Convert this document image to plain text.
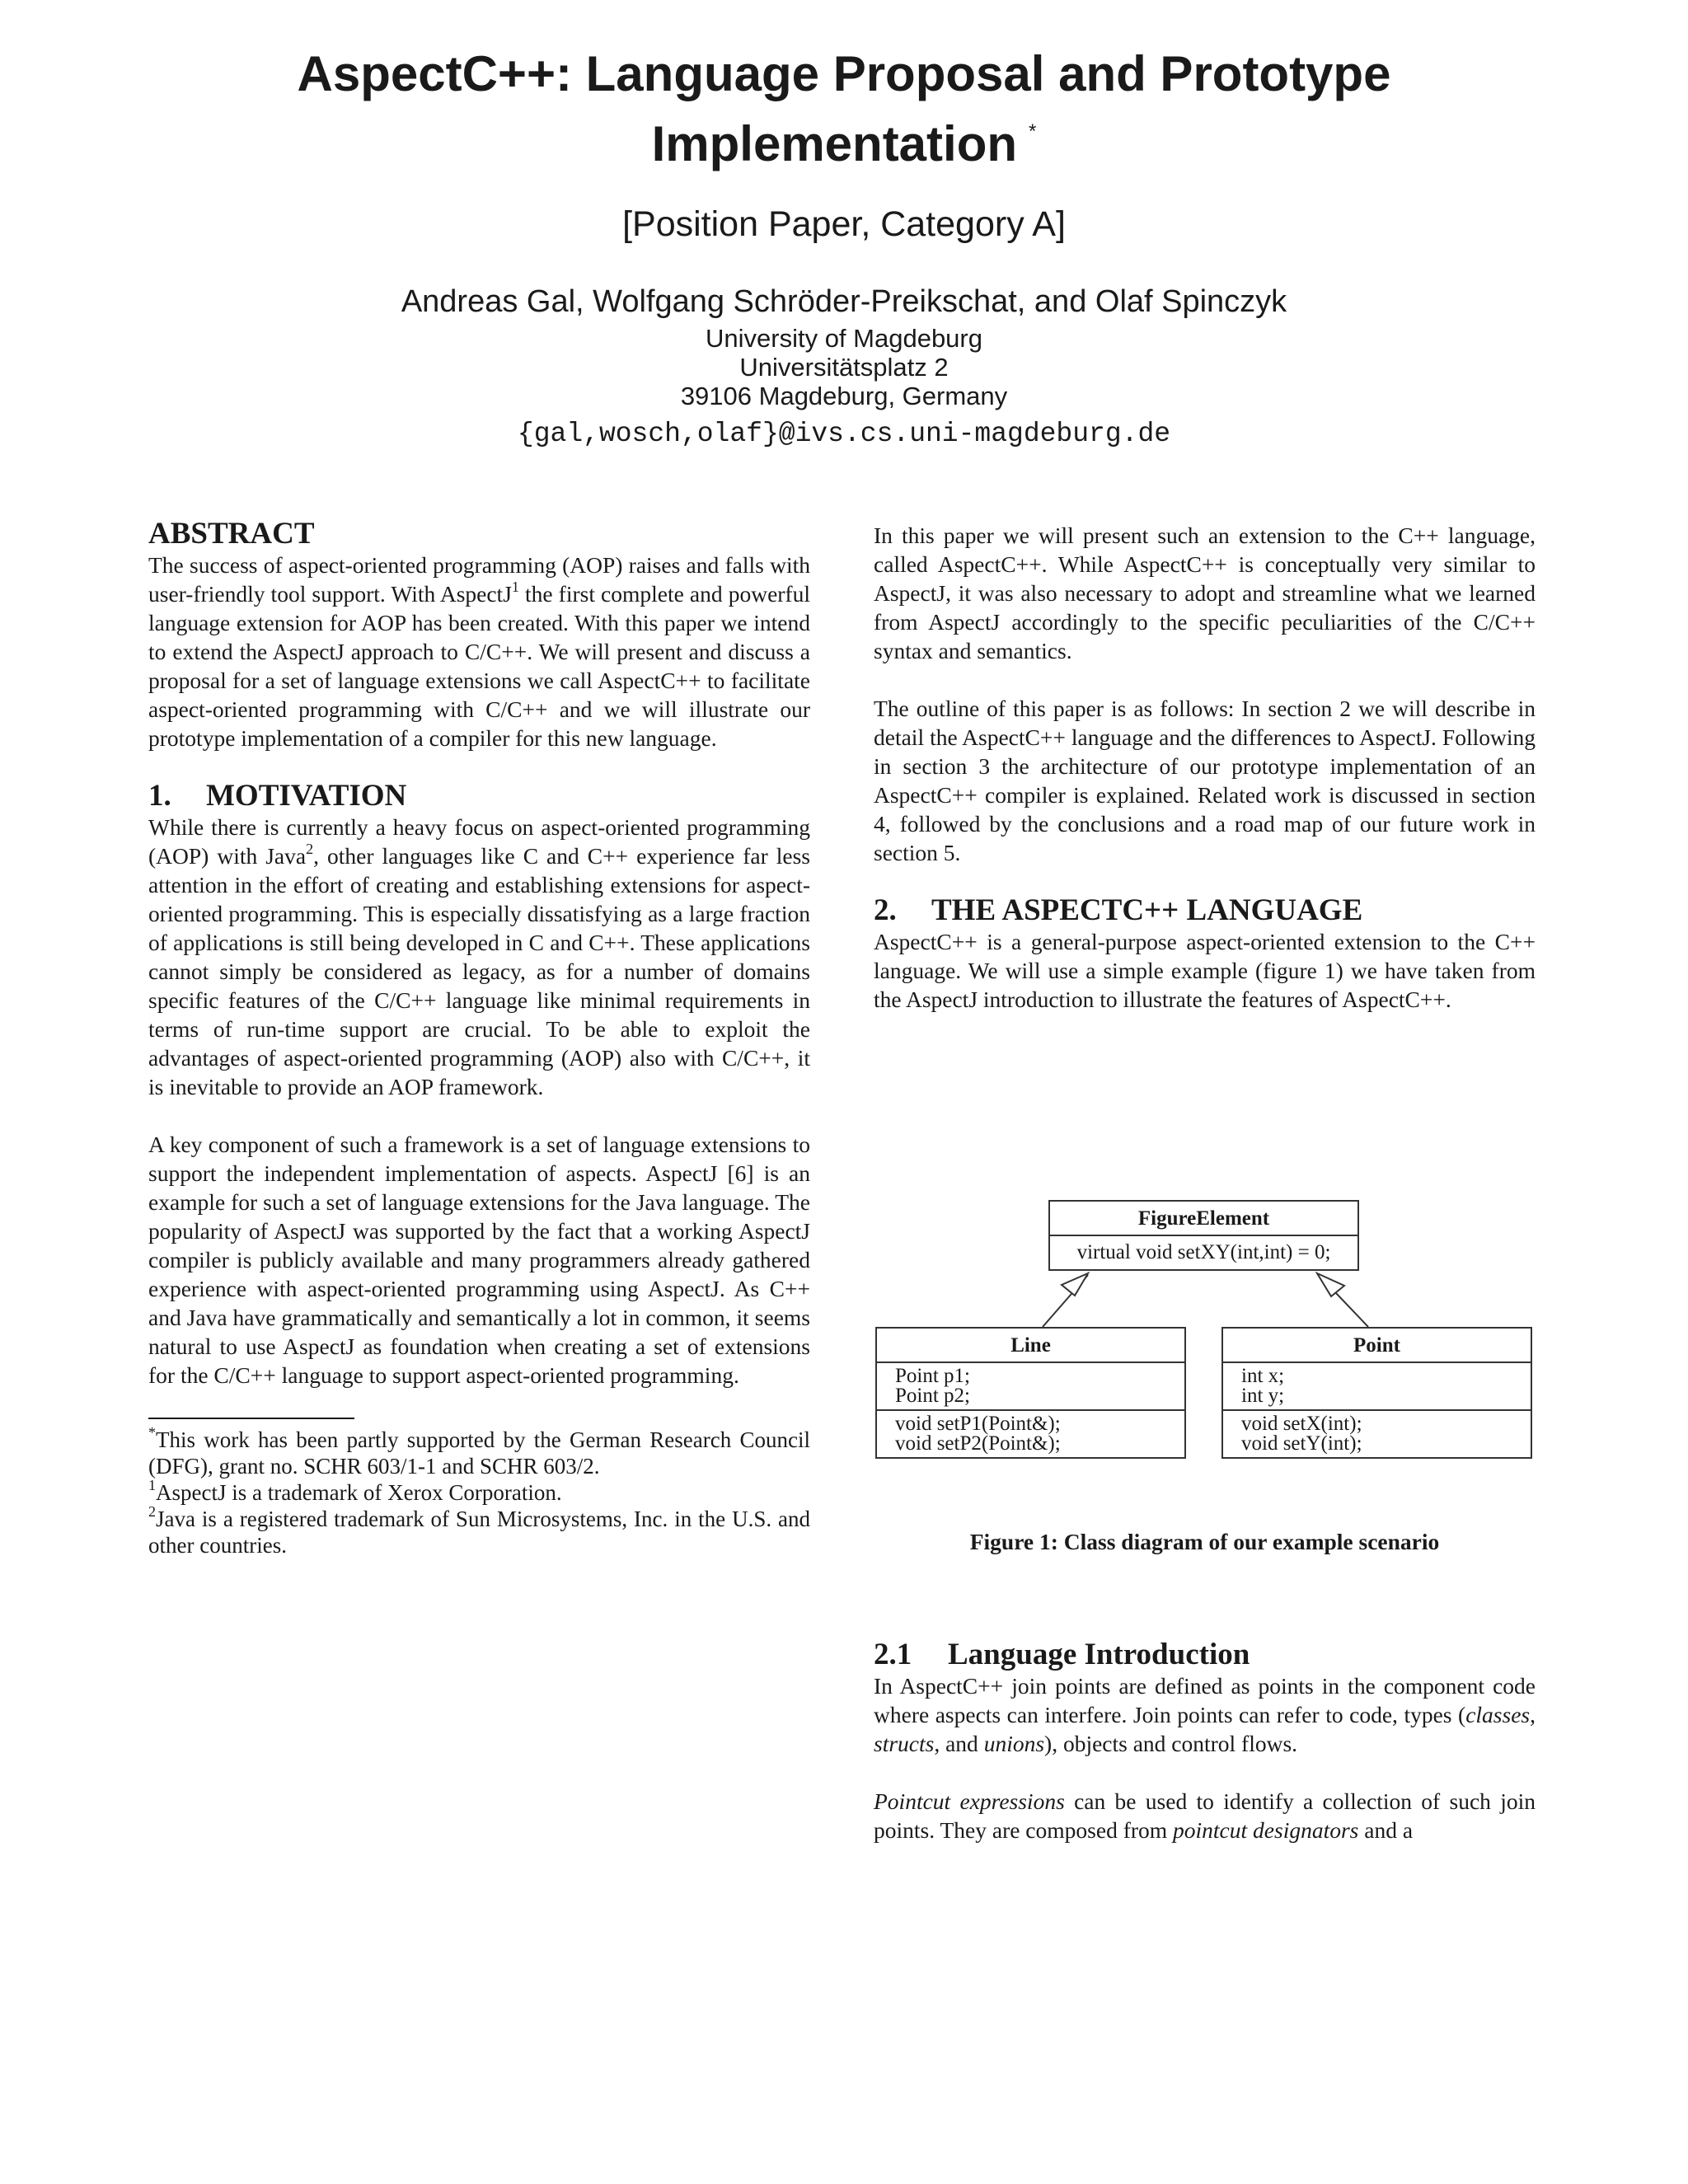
AspectC++: Language Proposal and Prototype
Implementation *
[Position Paper, Category A]
Andreas Gal, Wolfgang Schröder-Preikschat, and Olaf Spinczyk
University of Magdeburg
Universitätsplatz 2
39106 Magdeburg, Germany
{gal,wosch,olaf}@ivs.cs.uni-magdeburg.de
ABSTRACT

The success of aspect-oriented programming (AOP) raises and falls with user-friendly tool support. With AspectJ$^1$ the first complete and powerful language extension for AOP has been created. With this paper we intend to extend the AspectJ approach to C/C++. We will present and discuss a proposal for a set of language extensions we call AspectC++ to facilitate aspect-oriented programming with C/C++ and we will illustrate our prototype implementation of a compiler for this new language.

1. MOTIVATION

While there is currently a heavy focus on aspect-oriented programming (AOP) with Java$^2$, other languages like C and C++ experience far less attention in the effort of creating and establishing extensions for aspect-oriented programming. This is especially dissatisfying as a large fraction of applications is still being developed in C and C++. These applications cannot simply be considered as legacy, as for a number of domains specific features of the C/C++ language like minimal requirements in terms of run-time support are crucial. To be able to exploit the advantages of aspect-oriented programming (AOP) also with C/C++, it is inevitable to provide an AOP framework.

A key component of such a framework is a set of language extensions to support the independent implementation of aspects. AspectJ [6] is an example for such a set of language extensions for the Java language. The popularity of AspectJ was supported by the fact that a working AspectJ compiler is publicly available and many programmers already gathered experience with aspect-oriented programming using AspectJ. As C++ and Java have grammatically and semantically a lot in common, it seems natural to use AspectJ as foundation when creating a set of extensions for the C/C++ language to support aspect-oriented programming.

*This work has been partly supported by the German Research Council (DFG), grant no. SCHR 603/1-1 and SCHR 603/2.

$^1$AspectJ is a trademark of Xerox Corporation.

$^2$Java is a registered trademark of Sun Microsystems, Inc. in the U.S. and other countries.

In this paper we will present such an extension to the C++ language, called AspectC++. While AspectC++ is conceptually very similar to AspectJ, it was also necessary to adopt and streamline what we learned from AspectJ accordingly to the specific peculiarities of the C/C++ syntax and semantics.

The outline of this paper is as follows: In section 2 we will describe in detail the AspectC++ language and the differences to AspectJ. Following in section 3 the architecture of our prototype implementation of an AspectC++ compiler is explained. Related work is discussed in section 4, followed by the conclusions and a road map of our future work in section 5.

2. THE ASPECTC++ LANGUAGE

AspectC++ is a general-purpose aspect-oriented extension to the C++ language. We will use a simple example (figure 1) we have taken from the AspectJ introduction to illustrate the features of AspectC++.

FigureElement
virtual void setXY(int,int) = 0;
Line
Point p1;
Point p2;
void setP1(Point&);
void setP2(Point&);
Point
int x;
int y;
void setX(int);
void setY(int);
Figure 1: Class diagram of our example scenario
2.1 Language Introduction

In AspectC++ join points are defined as points in the component code where aspects can interfere. Join points can refer to code, types (classes, structs, and unions), objects and control flows.

Pointcut expressions can be used to identify a collection of such join points. They are composed from pointcut designators and a
